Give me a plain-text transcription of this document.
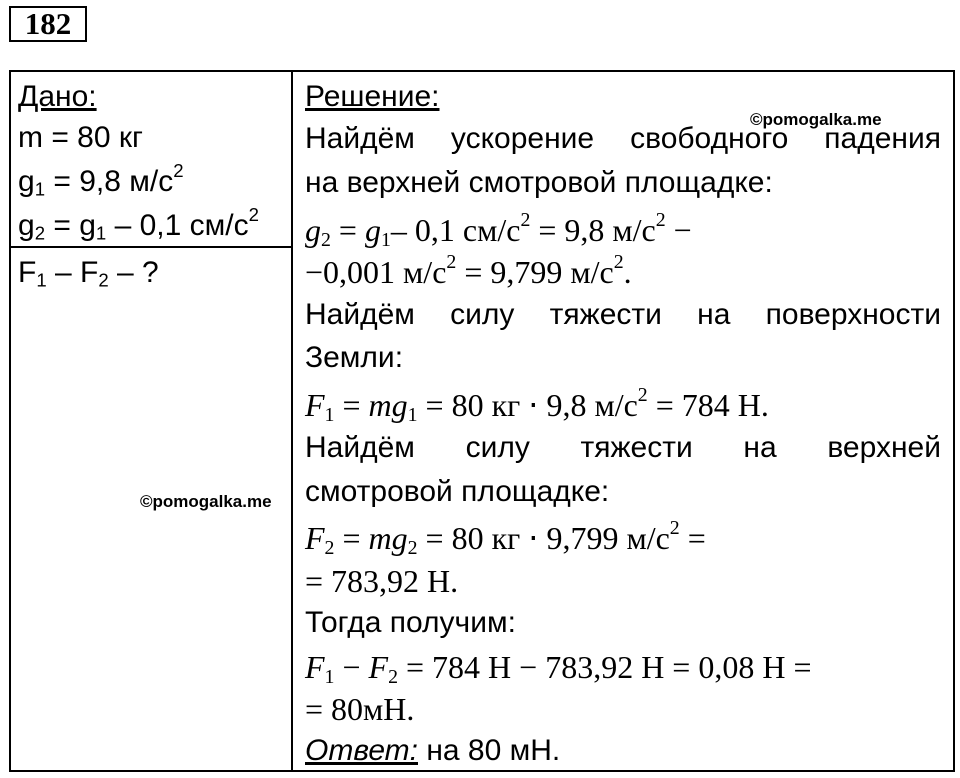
182
Дано:
m = 80 кг
$g_1 = 9,8$ $м/с^2$
$g_2 = g_1 - 0,1$ $см/с^2$
$F_1 - F_2$ – ?
©pomogalka.me
©pomogalka.me
Решение:
Найдём ускорение свободного падения
на верхней смотровой площадке:
$g_2 = g_1-$ 0,1 $см/с^2 = 9,8$ $м/с^2$ −
−0,001 $м/с^2 = 9,799$ $м/с^2$.
Найдём силу тяжести на поверхности
Земли:
$F_1 = mg_1 = 80$ кг ⋅ 9,8 $м/с^2 = 784$ Н.
Найдём силу тяжести на верхней
смотровой площадке:
$F_2 = mg_2 = 80$ кг ⋅ 9,799 $м/с^2$ =
= 783,92 Н.
Тогда получим:
$F_1 - F_2 = 784$ Н − 783,92 Н = 0,08 Н =
= 80мН.
Ответ: на 80 мН.
